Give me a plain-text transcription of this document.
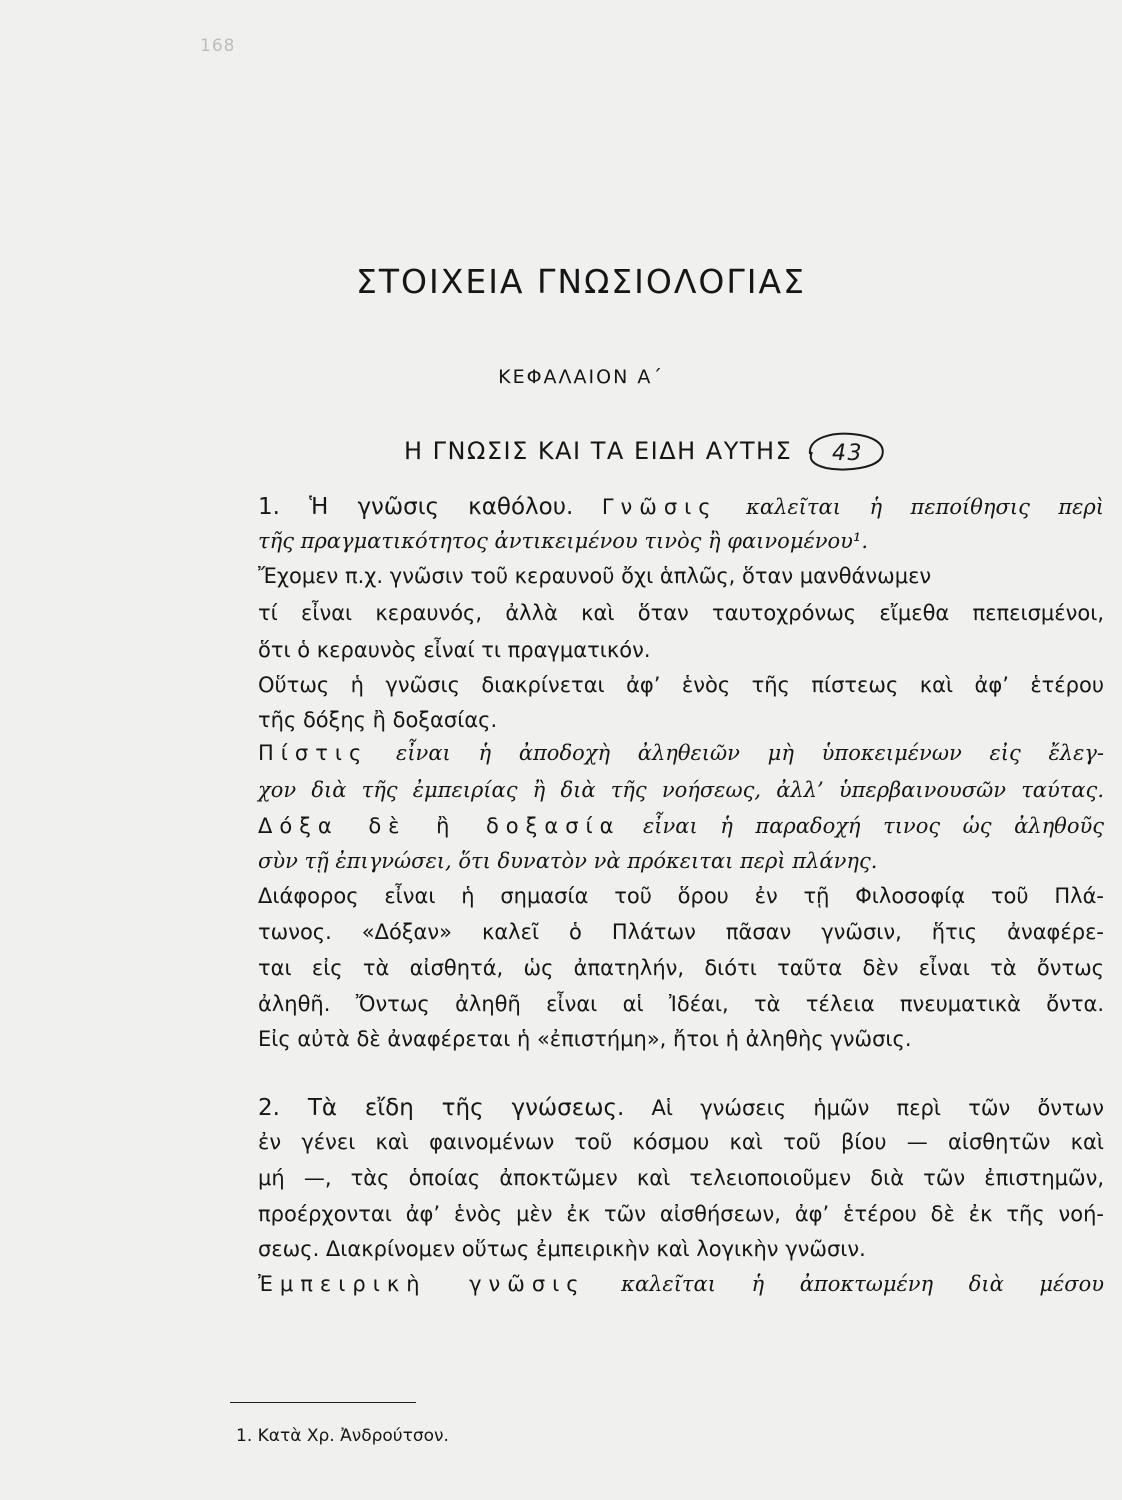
168
ΣΤΟΙΧΕΙΑ ΓΝΩΣΙΟΛΟΓΙΑΣ
ΚΕΦΑΛΑΙΟΝ Α΄
Η ΓΝΩΣΙΣ ΚΑΙ ΤΑ ΕΙΔΗ ΑΥΤΗΣ 43
1. Ἡ γνῶσις καθόλου. Γνῶσις καλεῖται ἡ πεποίθησις περὶ
τῆς πραγματικότητος ἀντικειμένου τινὸς ἢ φαινομένου¹.
Ἔχομεν π.χ. γνῶσιν τοῦ κεραυνοῦ ὄχι ἁπλῶς, ὅταν μανθάνωμεν
τί εἶναι κεραυνός, ἀλλὰ καὶ ὅταν ταυτοχρόνως εἴμεθα πεπεισμένοι,
ὅτι ὁ κεραυνὸς εἶναί τι πραγματικόν.
Οὕτως ἡ γνῶσις διακρίνεται ἀφ’ ἑνὸς τῆς πίστεως καὶ ἀφ’ ἑτέρου
τῆς δόξης ἢ δοξασίας.
Πίστις εἶναι ἡ ἀποδοχὴ ἀληθειῶν μὴ ὑποκειμένων εἰς ἔλεγ-
χον διὰ τῆς ἐμπειρίας ἢ διὰ τῆς νοήσεως, ἀλλ’ ὑπερβαινουσῶν ταύτας.
Δόξα δὲ ἢ δοξασία εἶναι ἡ παραδοχή τινος ὡς ἀληθοῦς
σὺν τῇ ἐπιγνώσει, ὅτι δυνατὸν νὰ πρόκειται περὶ πλάνης.
Διάφορος εἶναι ἡ σημασία τοῦ ὅρου ἐν τῇ Φιλοσοφίᾳ τοῦ Πλά-
τωνος. «Δόξαν» καλεῖ ὁ Πλάτων πᾶσαν γνῶσιν, ἥτις ἀναφέρε-
ται εἰς τὰ αἰσθητά, ὡς ἀπατηλήν, διότι ταῦτα δὲν εἶναι τὰ ὄντως
ἀληθῆ. Ὄντως ἀληθῆ εἶναι αἱ Ἰδέαι, τὰ τέλεια πνευματικὰ ὄντα.
Εἰς αὐτὰ δὲ ἀναφέρεται ἡ «ἐπιστήμη», ἤτοι ἡ ἀληθὴς γνῶσις.
2. Τὰ εἴδη τῆς γνώσεως. Αἱ γνώσεις ἡμῶν περὶ τῶν ὄντων
ἐν γένει καὶ φαινομένων τοῦ κόσμου καὶ τοῦ βίου — αἰσθητῶν καὶ
μή —, τὰς ὁποίας ἀποκτῶμεν καὶ τελειοποιοῦμεν διὰ τῶν ἐπιστημῶν,
προέρχονται ἀφ’ ἑνὸς μὲν ἐκ τῶν αἰσθήσεων, ἀφ’ ἑτέρου δὲ ἐκ τῆς νοή-
σεως. Διακρίνομεν οὕτως ἐμπειρικὴν καὶ λογικὴν γνῶσιν.
Ἐμπειρικὴ γνῶσις καλεῖται ἡ ἀποκτωμένη διὰ μέσου
1. Κατὰ Χρ. Ἀνδρούτσον.
